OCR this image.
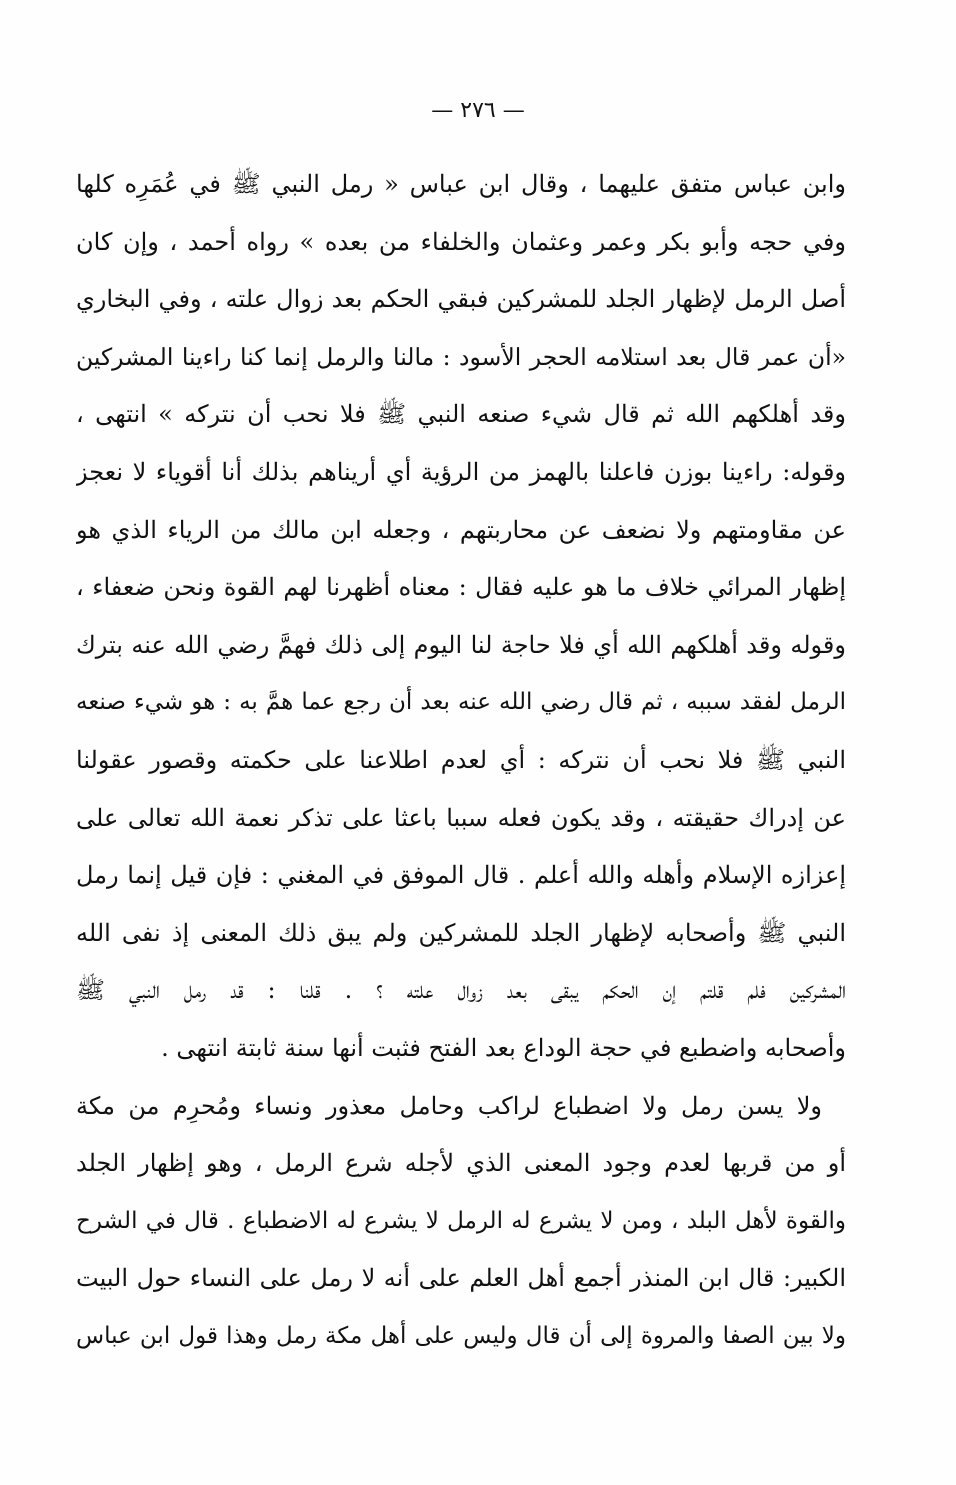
— ٢٧٦ —
وابن عباس متفق عليهما ، وقال ابن عباس « رمل النبي ﷺ في عُمَرِه كلها
وفي حجه وأبو بكر وعمر وعثمان والخلفاء من بعده » رواه أحمد ، وإن كان
أصل الرمل لإظهار الجلد للمشركين فبقي الحكم بعد زوال علته ، وفي البخاري
«أن عمر قال بعد استلامه الحجر الأسود : مالنا والرمل إنما كنا راءينا المشركين
وقد أهلكهم الله ثم قال شيء صنعه النبي ﷺ فلا نحب أن نتركه » انتهى ،
وقوله: راءينا بوزن فاعلنا بالهمز من الرؤية أي أريناهم بذلك أنا أقوياء لا نعجز
عن مقاومتهم ولا نضعف عن محاربتهم ، وجعله ابن مالك من الرياء الذي هو
إظهار المرائي خلاف ما هو عليه فقال : معناه أظهرنا لهم القوة ونحن ضعفاء ،
وقوله وقد أهلكهم الله أي فلا حاجة لنا اليوم إلى ذلك فهمَّ رضي الله عنه بترك
الرمل لفقد سببه ، ثم قال رضي الله عنه بعد أن رجع عما همَّ به : هو شيء صنعه
النبي ﷺ فلا نحب أن نتركه : أي لعدم اطلاعنا على حكمته وقصور عقولنا
عن إدراك حقيقته ، وقد يكون فعله سببا باعثا على تذكر نعمة الله تعالى على
إعزازه الإسلام وأهله والله أعلم . قال الموفق في المغني : فإن قيل إنما رمل
النبي ﷺ وأصحابه لإظهار الجلد للمشركين ولم يبق ذلك المعنى إذ نفى الله
المشركين فلم قلتم إن الحكم يبقى بعد زوال علته ؟ . قلنا : قد رمل النبي ﷺ
وأصحابه واضطبع في حجة الوداع بعد الفتح فثبت أنها سنة ثابتة انتهى .
ولا يسن رمل ولا اضطباع لراكب وحامل معذور ونساء ومُحرِم من مكة
أو من قربها لعدم وجود المعنى الذي لأجله شرع الرمل ، وهو إظهار الجلد
والقوة لأهل البلد ، ومن لا يشرع له الرمل لا يشرع له الاضطباع . قال في الشرح
الكبير: قال ابن المنذر أجمع أهل العلم على أنه لا رمل على النساء حول البيت
ولا بين الصفا والمروة إلى أن قال وليس على أهل مكة رمل وهذا قول ابن عباس
